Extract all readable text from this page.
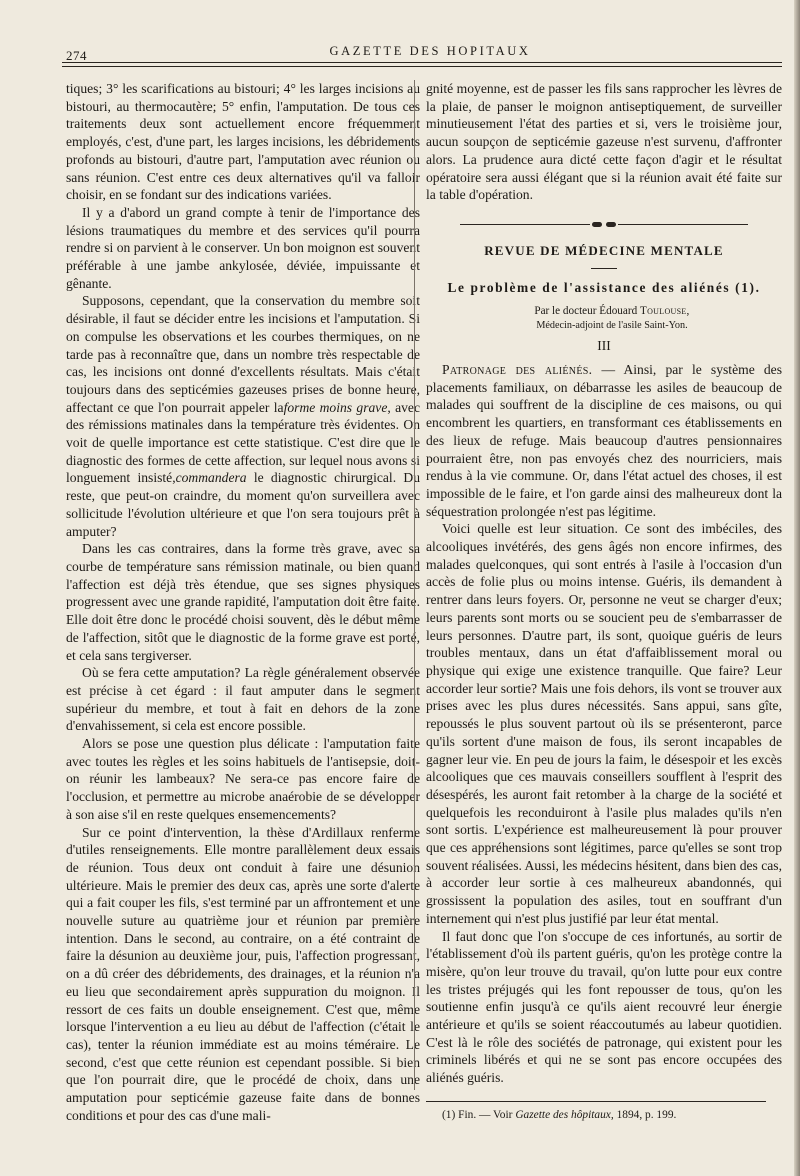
274	GAZETTE DES HOPITAUX

tiques; 3° les scarifications au bistouri; 4° les larges incisions au bistouri, au thermocautère; 5° enfin, l'amputation. De tous ces traitements deux sont actuellement encore fréquemment employés, c'est, d'une part, les larges incisions, les débridements profonds au bistouri, d'autre part, l'amputation avec réunion ou sans réunion. C'est entre ces deux alternatives qu'il va falloir choisir, en se fondant sur des indications variées.

Il y a d'abord un grand compte à tenir de l'importance des lésions traumatiques du membre et des services qu'il pourra rendre si on parvient à le conserver. Un bon moignon est souvent préférable à une jambe ankylosée, déviée, impuissante et gênante.

Supposons, cependant, que la conservation du membre soit désirable, il faut se décider entre les incisions et l'amputation. Si on compulse les observations et les courbes thermiques, on ne tarde pas à reconnaître que, dans un nombre très respectable de cas, les incisions ont donné d'excellents résultats. Mais c'était toujours dans des septicémies gazeuses prises de bonne heure, affectant ce que l'on pourrait appeler laforme moins grave, avec des rémissions matinales dans la température très évidentes. On voit de quelle importance est cette statistique. C'est dire que le diagnostic des formes de cette affection, sur lequel nous avons si longuement insisté,commandera le diagnostic chirurgical. Du reste, que peut-on craindre, du moment qu'on surveillera avec sollicitude l'évolution ultérieure et que l'on sera toujours prêt à amputer?

Dans les cas contraires, dans la forme très grave, avec sa courbe de température sans rémission matinale, ou bien quand l'affection est déjà très étendue, que ses signes physiques progressent avec une grande rapidité, l'amputation doit être faite. Elle doit être donc le procédé choisi souvent, dès le début même de l'affection, sitôt que le diagnostic de la forme grave est porté, et cela sans tergiverser.

Où se fera cette amputation? La règle généralement observée est précise à cet égard : il faut amputer dans le segment supérieur du membre, et tout à fait en dehors de la zone d'envahissement, si cela est encore possible.

Alors se pose une question plus délicate : l'amputation faite avec toutes les règles et les soins habituels de l'antisepsie, doit-on réunir les lambeaux? Ne sera-ce pas encore faire de l'occlusion, et permettre au microbe anaérobie de se développer à son aise s'il en reste quelques ensemencements?

Sur ce point d'intervention, la thèse d'Ardillaux renferme d'utiles renseignements. Elle montre parallèlement deux essais de réunion. Tous deux ont conduit à faire une désunion ultérieure. Mais le premier des deux cas, après une sorte d'alerte qui a fait couper les fils, s'est terminé par un affrontement et une nouvelle suture au quatrième jour et réunion par première intention. Dans le second, au contraire, on a été contraint de faire la désunion au deuxième jour, puis, l'affection progressant, on a dû créer des débridements, des drainages, et la réunion n'a eu lieu que secondairement après suppuration du moignon. Il ressort de ces faits un double enseignement. C'est que, même lorsque l'intervention a eu lieu au début de l'affection (c'était le cas), tenter la réunion immédiate est au moins téméraire. Le second, c'est que cette réunion est cependant possible. Si bien que l'on pourrait dire, que le procédé de choix, dans une amputation pour septicémie gazeuse faite dans de bonnes conditions et pour des cas d'une mali-

gnité moyenne, est de passer les fils sans rapprocher les lèvres de la plaie, de panser le moignon antiseptiquement, de surveiller minutieusement l'état des parties et si, vers le troisième jour, aucun soupçon de septicémie gazeuse n'est survenu, d'affronter alors. La prudence aura dicté cette façon d'agir et le résultat opératoire sera aussi élégant que si la réunion avait été faite sur la table d'opération.

REVUE DE MÉDECINE MENTALE
Le problème de l'assistance des aliénés (1).

Par le docteur Édouard Toulouse,

Médecin-adjoint de l'asile Saint-Yon.

III

Patronage des aliénés. — Ainsi, par le système des placements familiaux, on débarrasse les asiles de beaucoup de malades qui souffrent de la discipline de ces maisons, ou qui encombrent les quartiers, en transformant ces établissements en des lieux de refuge. Mais beaucoup d'autres pensionnaires pourraient être, non pas envoyés chez des nourriciers, mais rendus à la vie commune. Or, dans l'état actuel des choses, il est impossible de le faire, et l'on garde ainsi des malheureux dont la séquestration prolongée n'est pas légitime.

Voici quelle est leur situation. Ce sont des imbéciles, des alcooliques invétérés, des gens âgés non encore infirmes, des malades quelconques, qui sont entrés à l'asile à l'occasion d'un accès de folie plus ou moins intense. Guéris, ils demandent à rentrer dans leurs foyers. Or, personne ne veut se charger d'eux; leurs parents sont morts ou se soucient peu de s'embarrasser de leurs personnes. D'autre part, ils sont, quoique guéris de leurs troubles mentaux, dans un état d'affaiblissement moral ou physique qui exige une existence tranquille. Que faire? Leur accorder leur sortie? Mais une fois dehors, ils vont se trouver aux prises avec les plus dures nécessités. Sans appui, sans gîte, repoussés le plus souvent partout où ils se présenteront, parce qu'ils sortent d'une maison de fous, ils seront incapables de gagner leur vie. En peu de jours la faim, le désespoir et les excès alcooliques que ces mauvais conseillers soufflent à l'esprit des désespérés, les auront fait retomber à la charge de la société et quelquefois les reconduiront à l'asile plus malades qu'ils n'en sont sortis. L'expérience est malheureusement là pour prouver que ces appréhensions sont légitimes, parce qu'elles se sont trop souvent réalisées. Aussi, les médecins hésitent, dans bien des cas, à accorder leur sortie à ces malheureux abandonnés, qui grossissent la population des asiles, tout en souffrant d'un internement qui n'est plus justifié par leur état mental.

Il faut donc que l'on s'occupe de ces infortunés, au sortir de l'établissement d'où ils partent guéris, qu'on les protège contre la misère, qu'on leur trouve du travail, qu'on lutte pour eux contre les tristes préjugés qui les font repousser de tous, qu'on les soutienne enfin jusqu'à ce qu'ils aient recouvré leur énergie antérieure et qu'ils se soient réaccoutumés au labeur quotidien. C'est là le rôle des sociétés de patronage, qui existent pour les criminels libérés et qui ne se sont pas encore occupées des aliénés guéris.

(1) Fin. — Voir Gazette des hôpitaux, 1894, p. 199.
